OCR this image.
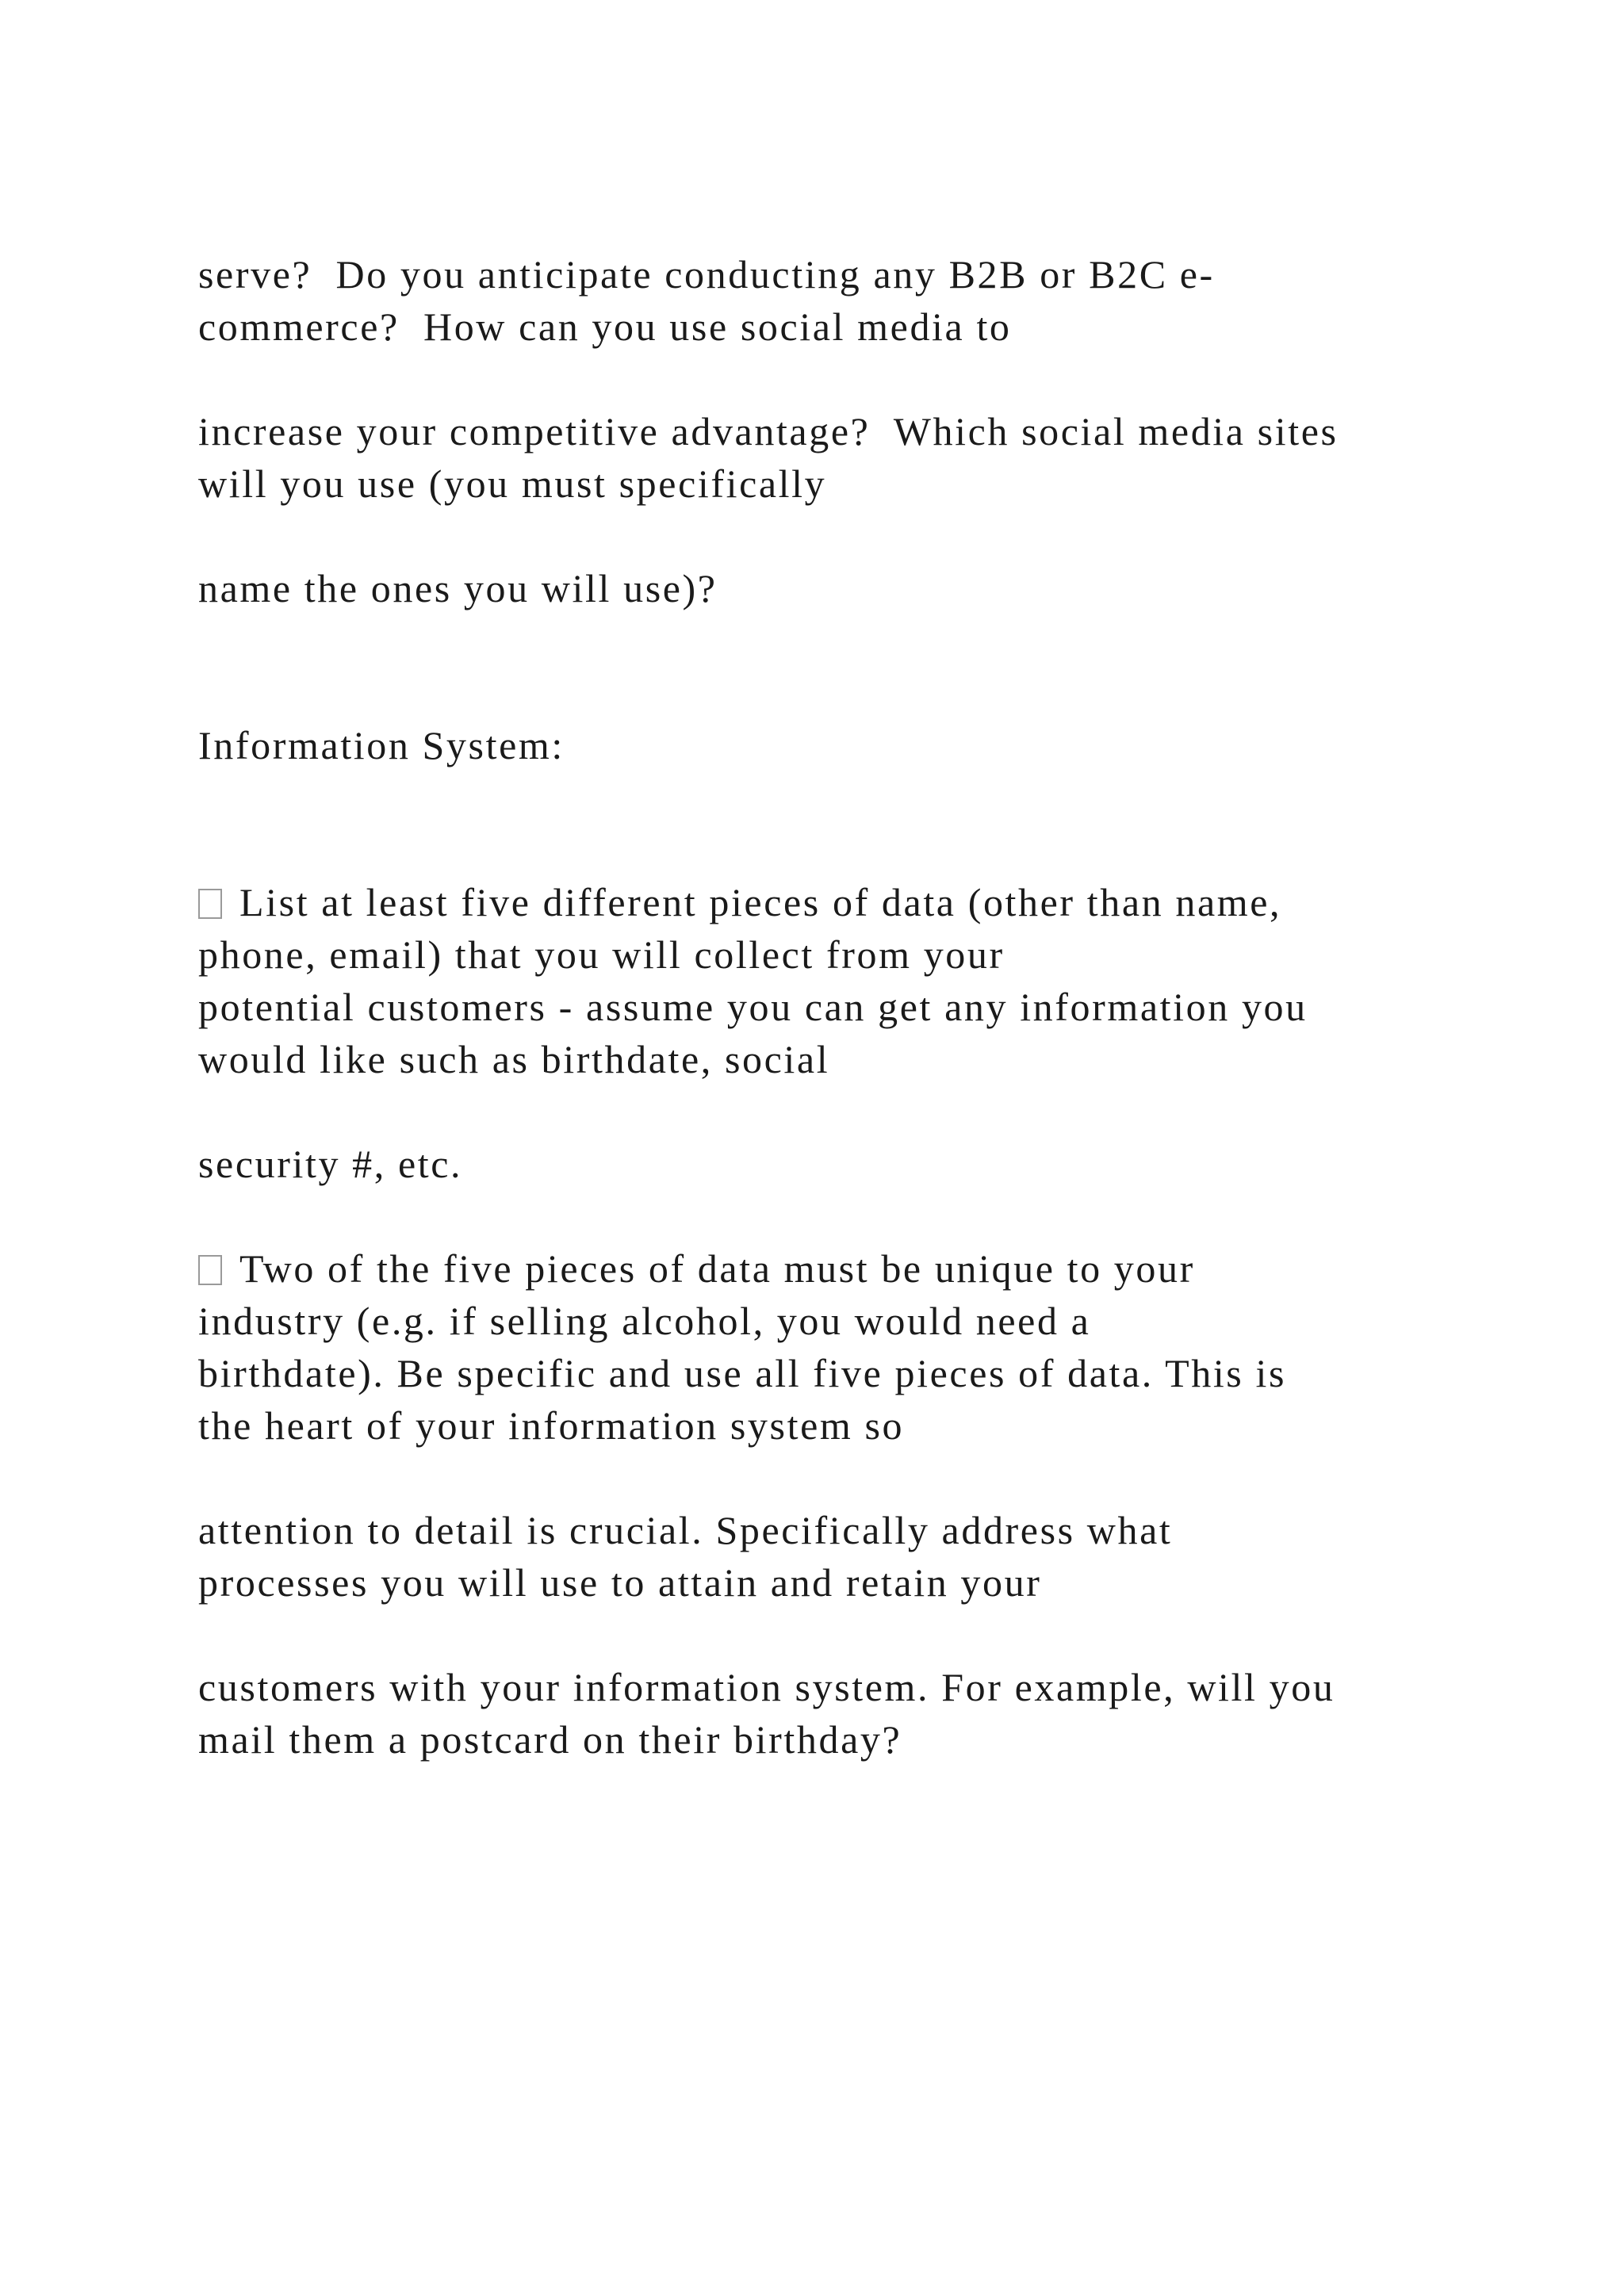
serve?  Do you anticipate conducting any B2B or B2C e-

commerce?  How can you use social media to

increase your competitive advantage?  Which social media sites

will you use (you must specifically

name the ones you will use)?

Information System:

List at least five different pieces of data (other than name,

phone, email) that you will collect from your

potential customers - assume you can get any information you

would like such as birthdate, social

security #, etc.

Two of the five pieces of data must be unique to your

industry (e.g. if selling alcohol, you would need a

birthdate). Be specific and use all five pieces of data. This is

the heart of your information system so

attention to detail is crucial. Specifically address what

processes you will use to attain and retain your

customers with your information system. For example, will you

mail them a postcard on their birthday?
